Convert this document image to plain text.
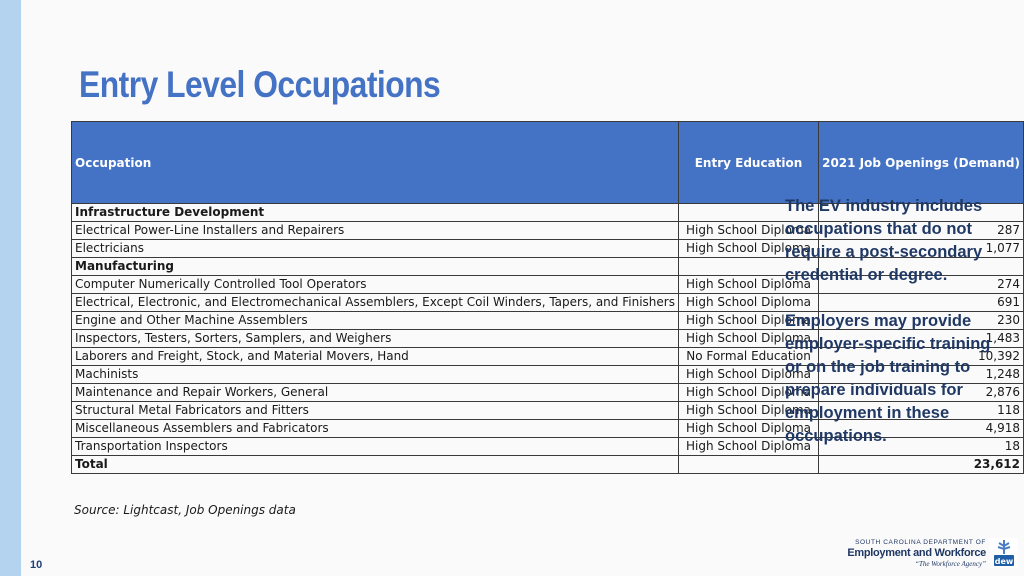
Entry Level Occupations
Occupation	Entry Education	2021 Job Openings (Demand)
Infrastructure Development		
Electrical Power-Line Installers and Repairers	High School Diploma	287
Electricians	High School Diploma	1,077
Manufacturing		
Computer Numerically Controlled Tool Operators	High School Diploma	274
Electrical, Electronic, and Electromechanical Assemblers, Except Coil Winders, Tapers, and Finishers	High School Diploma	691
Engine and Other Machine Assemblers	High School Diploma	230
Inspectors, Testers, Sorters, Samplers, and Weighers	High School Diploma	1,483
Laborers and Freight, Stock, and Material Movers, Hand	No Formal Education	10,392
Machinists	High School Diploma	1,248
Maintenance and Repair Workers, General	High School Diploma	2,876
Structural Metal Fabricators and Fitters	High School Diploma	118
Miscellaneous Assemblers and Fabricators	High School Diploma	4,918
Transportation Inspectors	High School Diploma	18
Total		23,612
Source: Lightcast, Job Openings data

The EV industry includes occupations that do not require a post-secondary credential or degree.

Employers may provide employer-specific training or on the job training to prepare individuals for employment in these occupations.

10
SOUTH CAROLINA DEPARTMENT OF
Employment and Workforce
“The Workforce Agency” dew
